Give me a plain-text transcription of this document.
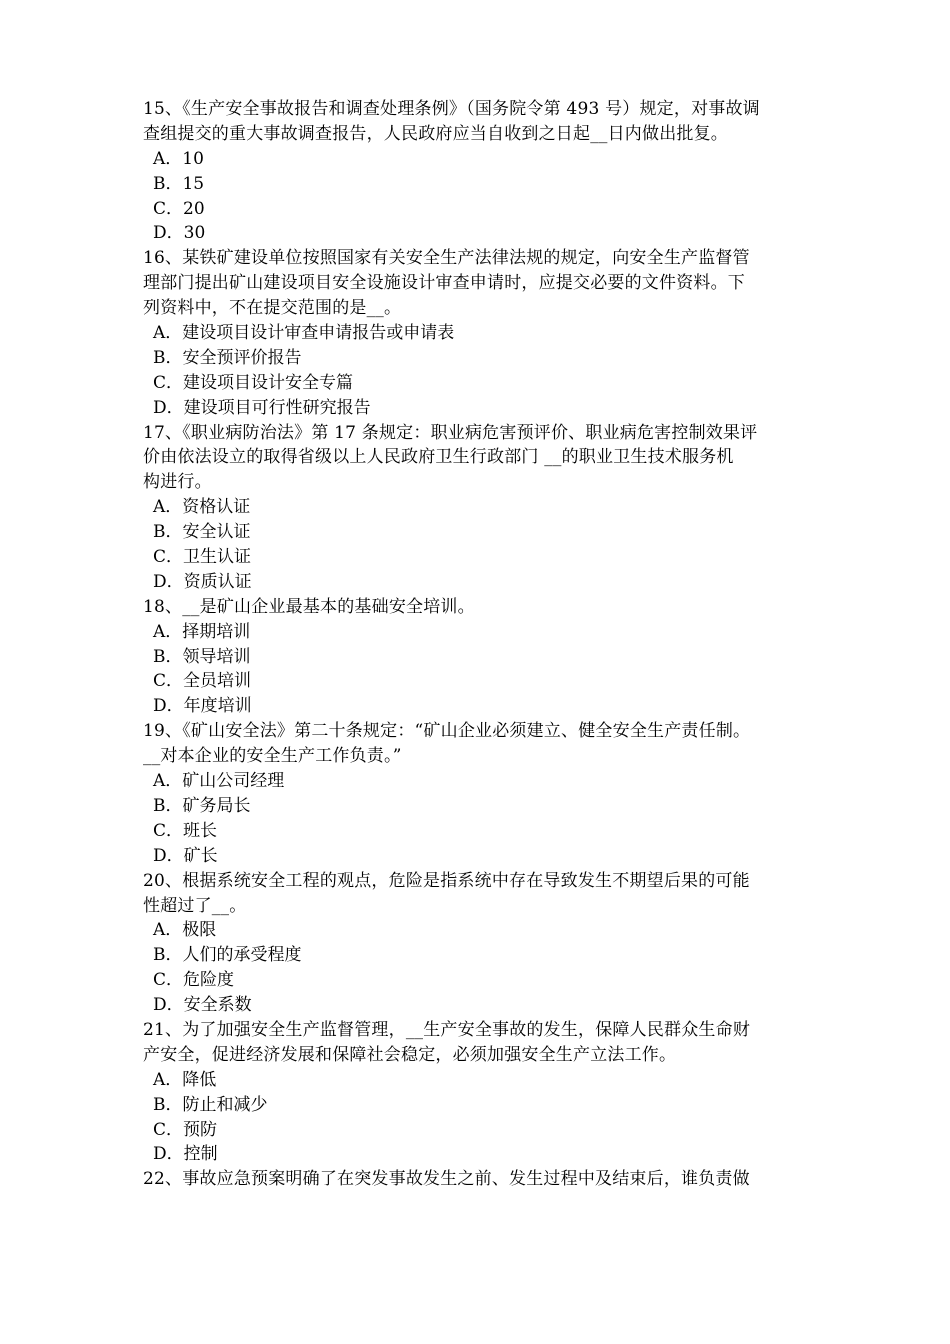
15、《生产安全事故报告和调查处理条例》（国务院令第 493 号）规定，对事故调
查组提交的重大事故调查报告，人民政府应当自收到之日起__日内做出批复。
A．10
B．15
C．20
D．30
16、某铁矿建设单位按照国家有关安全生产法律法规的规定，向安全生产监督管
理部门提出矿山建设项目安全设施设计审查申请时，应提交必要的文件资料。下
列资料中，不在提交范围的是__。
A．建设项目设计审查申请报告或申请表
B．安全预评价报告
C．建设项目设计安全专篇
D．建设项目可行性研究报告
17、《职业病防治法》第 17 条规定：职业病危害预评价、职业病危害控制效果评
价由依法设立的取得省级以上人民政府卫生行政部门 __的职业卫生技术服务机
构进行。
A．资格认证
B．安全认证
C．卫生认证
D．资质认证
18、__是矿山企业最基本的基础安全培训。
A．择期培训
B．领导培训
C．全员培训
D．年度培训
19、《矿山安全法》第二十条规定：“矿山企业必须建立、健全安全生产责任制。
__对本企业的安全生产工作负责。”
A．矿山公司经理
B．矿务局长
C．班长
D．矿长
20、根据系统安全工程的观点，危险是指系统中存在导致发生不期望后果的可能
性超过了__。
A．极限
B．人们的承受程度
C．危险度
D．安全系数
21、为了加强安全生产监督管理，__生产安全事故的发生，保障人民群众生命财
产安全，促进经济发展和保障社会稳定，必须加强安全生产立法工作。
A．降低
B．防止和减少
C．预防
D．控制
22、事故应急预案明确了在突发事故发生之前、发生过程中及结束后，谁负责做
